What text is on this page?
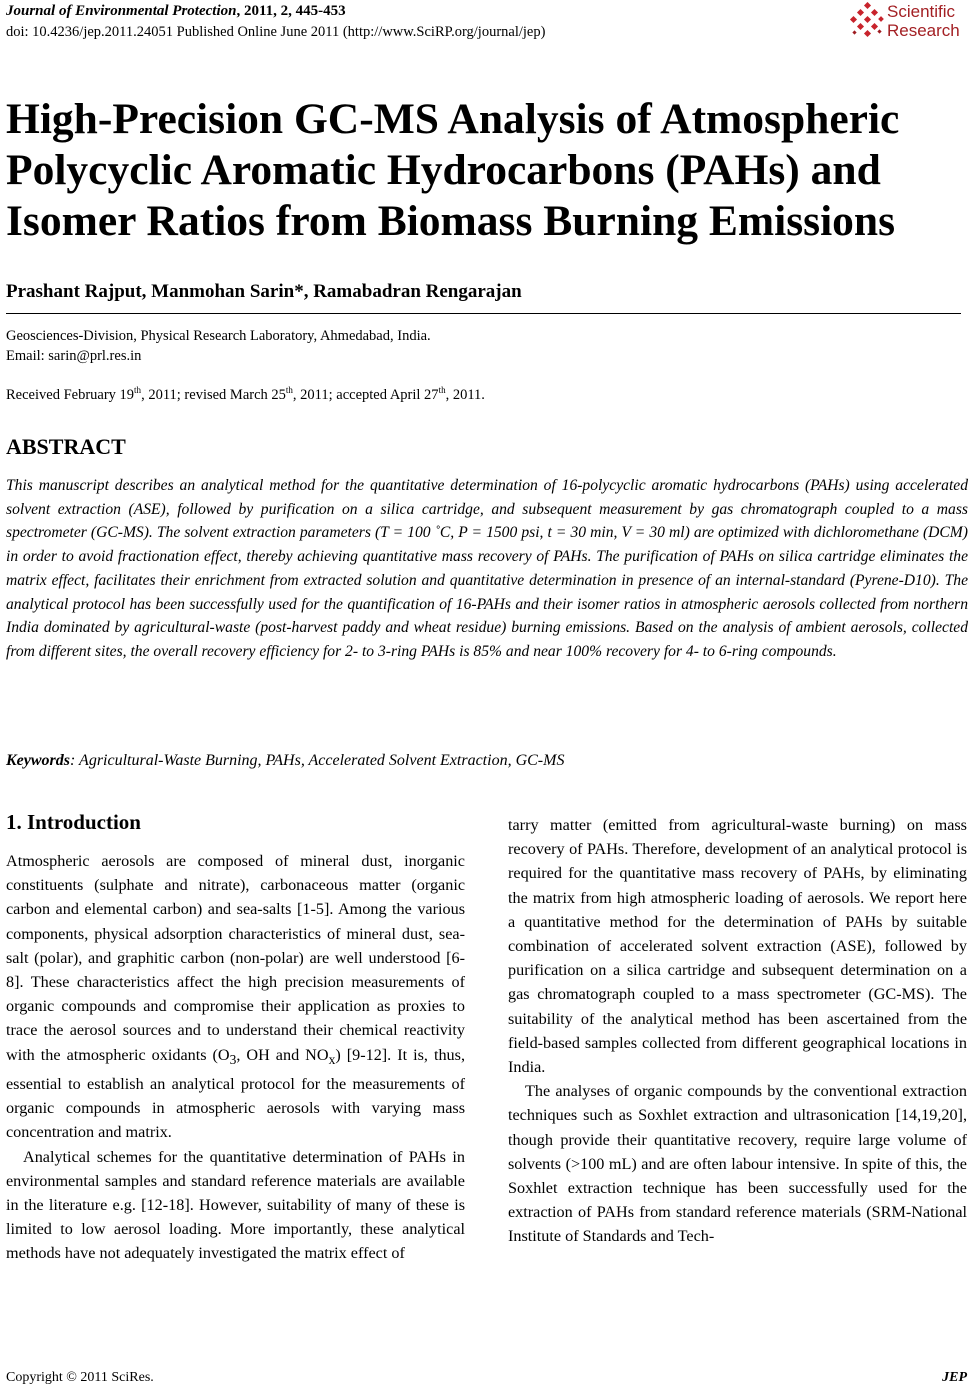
Journal of Environmental Protection, 2011, 2, 445-453
doi: 10.4236/jep.2011.24051 Published Online June 2011 (http://www.SciRP.org/journal/jep)
Scientific
Research
High-Precision GC-MS Analysis of Atmospheric Polycyclic Aromatic Hydrocarbons (PAHs) and Isomer Ratios from Biomass Burning Emissions
Prashant Rajput, Manmohan Sarin*, Ramabadran Rengarajan
Geosciences-Division, Physical Research Laboratory, Ahmedabad, India.
Email: sarin@prl.res.in
Received February 19th, 2011; revised March 25th, 2011; accepted April 27th, 2011.
ABSTRACT
This manuscript describes an analytical method for the quantitative determination of 16-polycyclic aromatic hydrocarbons (PAHs) using accelerated solvent extraction (ASE), followed by purification on a silica cartridge, and subsequent measurement by gas chromatograph coupled to a mass spectrometer (GC-MS). The solvent extraction parameters (T = 100 ˚C, P = 1500 psi, t = 30 min, V = 30 ml) are optimized with dichloromethane (DCM) in order to avoid fractionation effect, thereby achieving quantitative mass recovery of PAHs. The purification of PAHs on silica cartridge eliminates the matrix effect, facilitates their enrichment from extracted solution and quantitative determination in presence of an internal-standard (Pyrene-D10). The analytical protocol has been successfully used for the quantification of 16-PAHs and their isomer ratios in atmospheric aerosols collected from northern India dominated by agricultural-waste (post-harvest paddy and wheat residue) burning emissions. Based on the analysis of ambient aerosols, collected from different sites, the overall recovery efficiency for 2- to 3-ring PAHs is 85% and near 100% recovery for 4- to 6-ring compounds.
Keywords: Agricultural-Waste Burning, PAHs, Accelerated Solvent Extraction, GC-MS
1. Introduction

Atmospheric aerosols are composed of mineral dust, inorganic constituents (sulphate and nitrate), carbonaceous matter (organic carbon and elemental carbon) and sea-salts [1-5]. Among the various components, physical adsorption characteristics of mineral dust, sea-salt (polar), and graphitic carbon (non-polar) are well understood [6-8]. These characteristics affect the high precision measurements of organic compounds and compromise their application as proxies to trace the aerosol sources and to understand their chemical reactivity with the atmospheric oxidants ($O_3$, OH and $NO_x$) [9-12]. It is, thus, essential to establish an analytical protocol for the measurements of organic compounds in atmospheric aerosols with varying mass concentration and matrix.

Analytical schemes for the quantitative determination of PAHs in environmental samples and standard reference materials are available in the literature e.g. [12-18]. However, suitability of many of these is limited to low aerosol loading. More importantly, these analytical methods have not adequately investigated the matrix effect of

tarry matter (emitted from agricultural-waste burning) on mass recovery of PAHs. Therefore, development of an analytical protocol is required for the quantitative mass recovery of PAHs, by eliminating the matrix from high atmospheric loading of aerosols. We report here a quantitative method for the determination of PAHs by suitable combination of accelerated solvent extraction (ASE), followed by purification on a silica cartridge and subsequent determination on a gas chromatograph coupled to a mass spectrometer (GC-MS). The suitability of the analytical method has been ascertained from the field-based samples collected from different geographical locations in India.

The analyses of organic compounds by the conventional extraction techniques such as Soxhlet extraction and ultrasonication [14,19,20], though provide their quantitative recovery, require large volume of solvents (>100 mL) and are often labour intensive. In spite of this, the Soxhlet extraction technique has been successfully used for the extraction of PAHs from standard reference materials (SRM-National Institute of Standards and Tech-

Copyright © 2011 SciRes.	JEP
